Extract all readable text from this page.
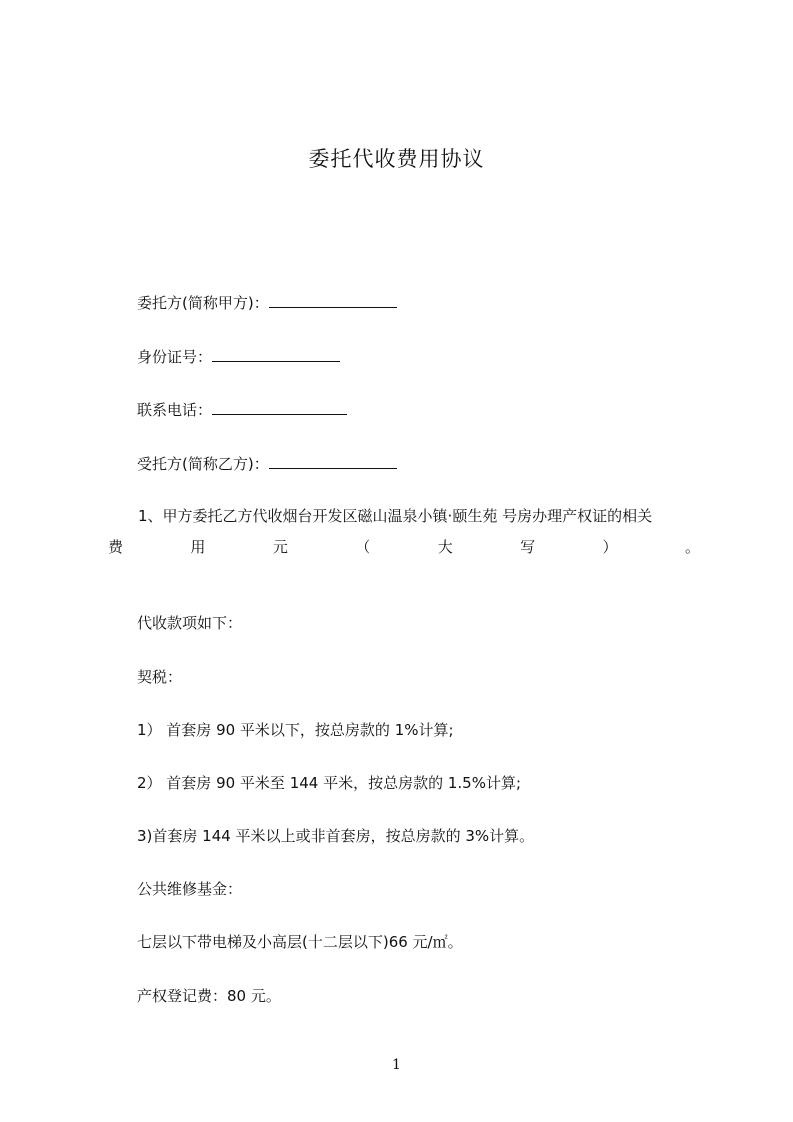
委托代收费用协议
委托方(简称甲方)：
身份证号：
联系电话：
受托方(简称乙方)：
1、甲方委托乙方代收烟台开发区磁山温泉小镇·颐生苑 号房办理产权证的相关
费	用	元	（	大	写	）	。
代收款项如下：
契税：
1） 首套房 90 平米以下，按总房款的 1%计算;
2） 首套房 90 平米至 144 平米，按总房款的 1.5%计算;
3)首套房 144 平米以上或非首套房，按总房款的 3%计算。
公共维修基金：
七层以下带电梯及小高层(十二层以下)66 元/㎡。
产权登记费：80 元。
1
